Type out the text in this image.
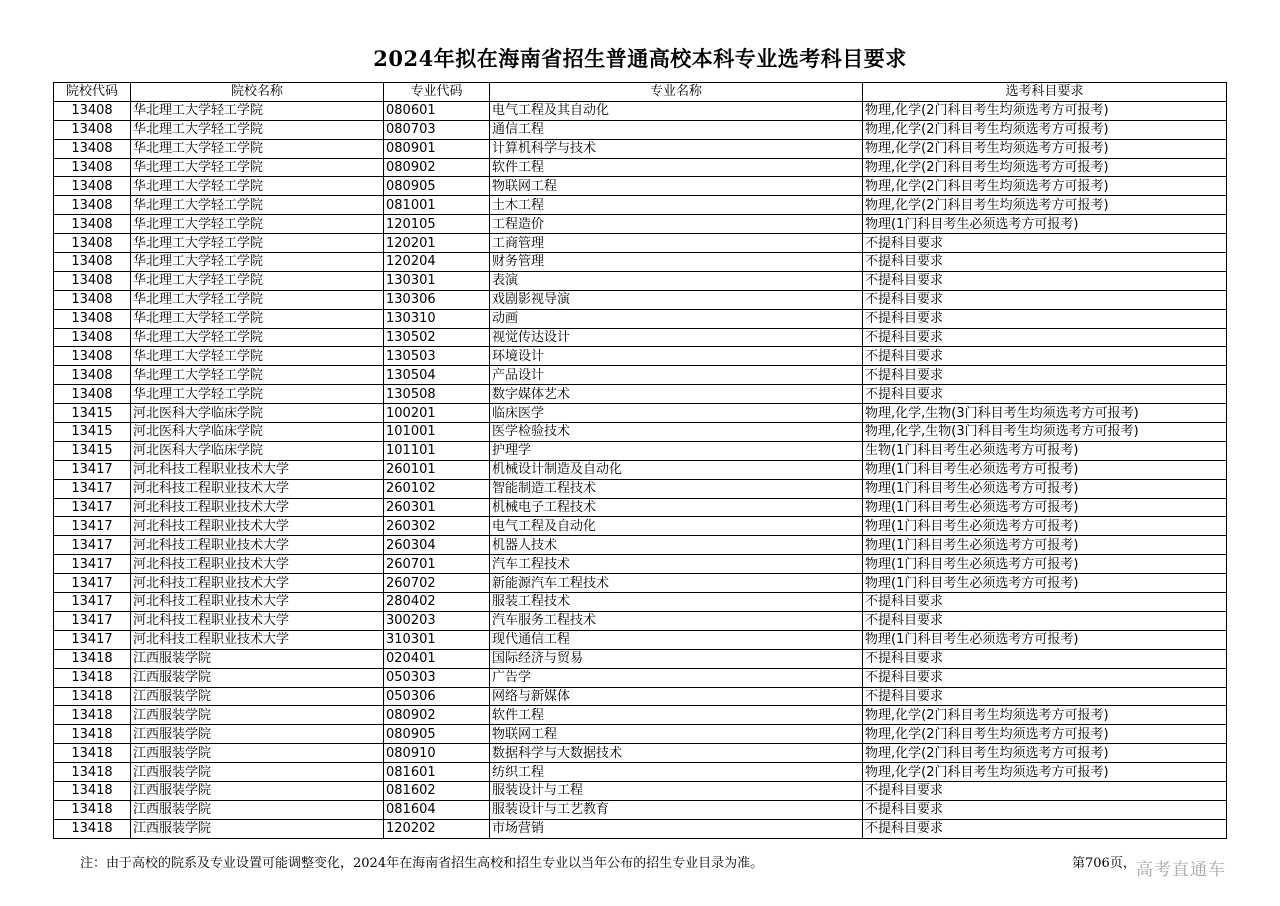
2024年拟在海南省招生普通高校本科专业选考科目要求
院校代码	院校名称	专业代码	专业名称	选考科目要求
13408	华北理工大学轻工学院	080601	电气工程及其自动化	物理,化学(2门科目考生均须选考方可报考)
13408	华北理工大学轻工学院	080703	通信工程	物理,化学(2门科目考生均须选考方可报考)
13408	华北理工大学轻工学院	080901	计算机科学与技术	物理,化学(2门科目考生均须选考方可报考)
13408	华北理工大学轻工学院	080902	软件工程	物理,化学(2门科目考生均须选考方可报考)
13408	华北理工大学轻工学院	080905	物联网工程	物理,化学(2门科目考生均须选考方可报考)
13408	华北理工大学轻工学院	081001	土木工程	物理,化学(2门科目考生均须选考方可报考)
13408	华北理工大学轻工学院	120105	工程造价	物理(1门科目考生必须选考方可报考)
13408	华北理工大学轻工学院	120201	工商管理	不提科目要求
13408	华北理工大学轻工学院	120204	财务管理	不提科目要求
13408	华北理工大学轻工学院	130301	表演	不提科目要求
13408	华北理工大学轻工学院	130306	戏剧影视导演	不提科目要求
13408	华北理工大学轻工学院	130310	动画	不提科目要求
13408	华北理工大学轻工学院	130502	视觉传达设计	不提科目要求
13408	华北理工大学轻工学院	130503	环境设计	不提科目要求
13408	华北理工大学轻工学院	130504	产品设计	不提科目要求
13408	华北理工大学轻工学院	130508	数字媒体艺术	不提科目要求
13415	河北医科大学临床学院	100201	临床医学	物理,化学,生物(3门科目考生均须选考方可报考)
13415	河北医科大学临床学院	101001	医学检验技术	物理,化学,生物(3门科目考生均须选考方可报考)
13415	河北医科大学临床学院	101101	护理学	生物(1门科目考生必须选考方可报考)
13417	河北科技工程职业技术大学	260101	机械设计制造及自动化	物理(1门科目考生必须选考方可报考)
13417	河北科技工程职业技术大学	260102	智能制造工程技术	物理(1门科目考生必须选考方可报考)
13417	河北科技工程职业技术大学	260301	机械电子工程技术	物理(1门科目考生必须选考方可报考)
13417	河北科技工程职业技术大学	260302	电气工程及自动化	物理(1门科目考生必须选考方可报考)
13417	河北科技工程职业技术大学	260304	机器人技术	物理(1门科目考生必须选考方可报考)
13417	河北科技工程职业技术大学	260701	汽车工程技术	物理(1门科目考生必须选考方可报考)
13417	河北科技工程职业技术大学	260702	新能源汽车工程技术	物理(1门科目考生必须选考方可报考)
13417	河北科技工程职业技术大学	280402	服装工程技术	不提科目要求
13417	河北科技工程职业技术大学	300203	汽车服务工程技术	不提科目要求
13417	河北科技工程职业技术大学	310301	现代通信工程	物理(1门科目考生必须选考方可报考)
13418	江西服装学院	020401	国际经济与贸易	不提科目要求
13418	江西服装学院	050303	广告学	不提科目要求
13418	江西服装学院	050306	网络与新媒体	不提科目要求
13418	江西服装学院	080902	软件工程	物理,化学(2门科目考生均须选考方可报考)
13418	江西服装学院	080905	物联网工程	物理,化学(2门科目考生均须选考方可报考)
13418	江西服装学院	080910	数据科学与大数据技术	物理,化学(2门科目考生均须选考方可报考)
13418	江西服装学院	081601	纺织工程	物理,化学(2门科目考生均须选考方可报考)
13418	江西服装学院	081602	服装设计与工程	不提科目要求
13418	江西服装学院	081604	服装设计与工艺教育	不提科目要求
13418	江西服装学院	120202	市场营销	不提科目要求
注：由于高校的院系及专业设置可能调整变化，2024年在海南省招生高校和招生专业以当年公布的招生专业目录为准。	第706页， 高考直通车
